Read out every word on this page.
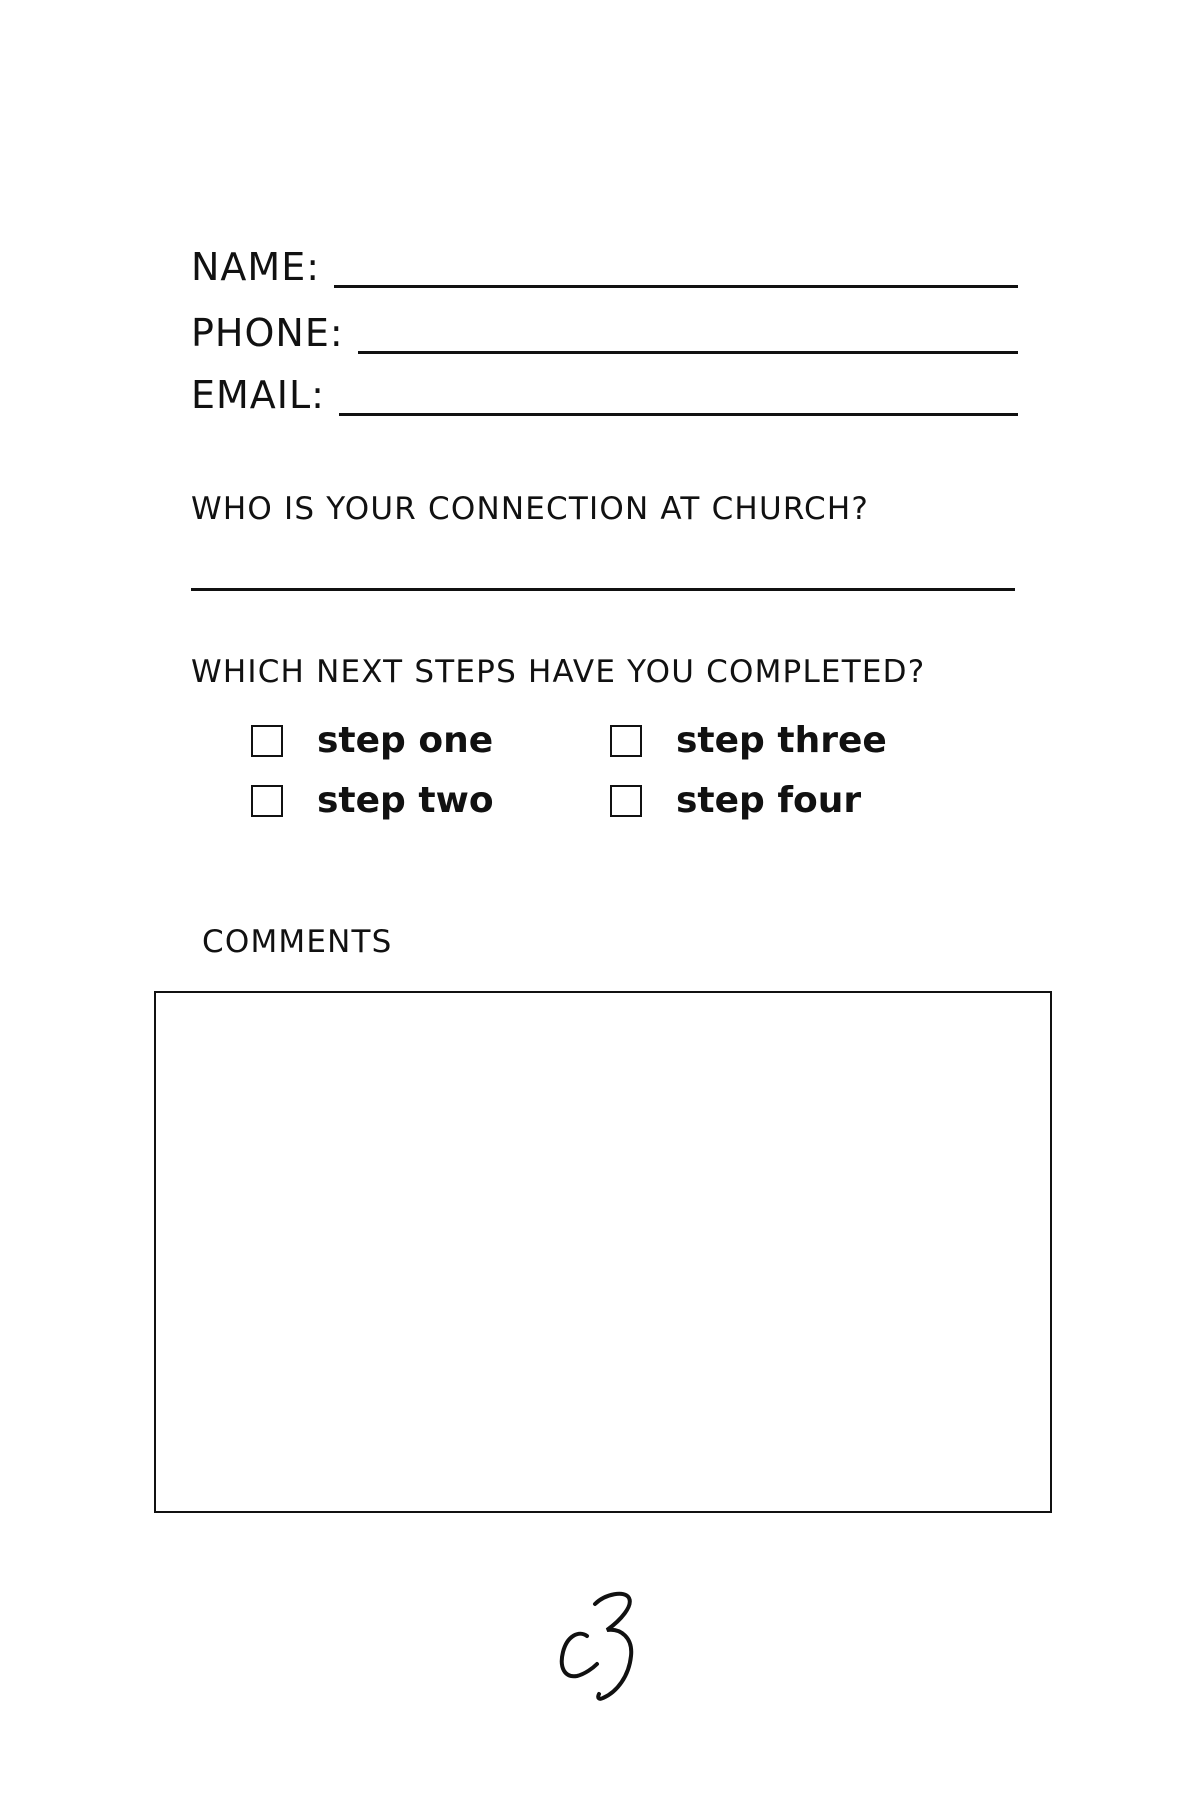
NAME:
PHONE:
EMAIL:
WHO IS YOUR CONNECTION AT CHURCH?
WHICH NEXT STEPS HAVE YOU COMPLETED?
step one
step two
step three
step four
COMMENTS
